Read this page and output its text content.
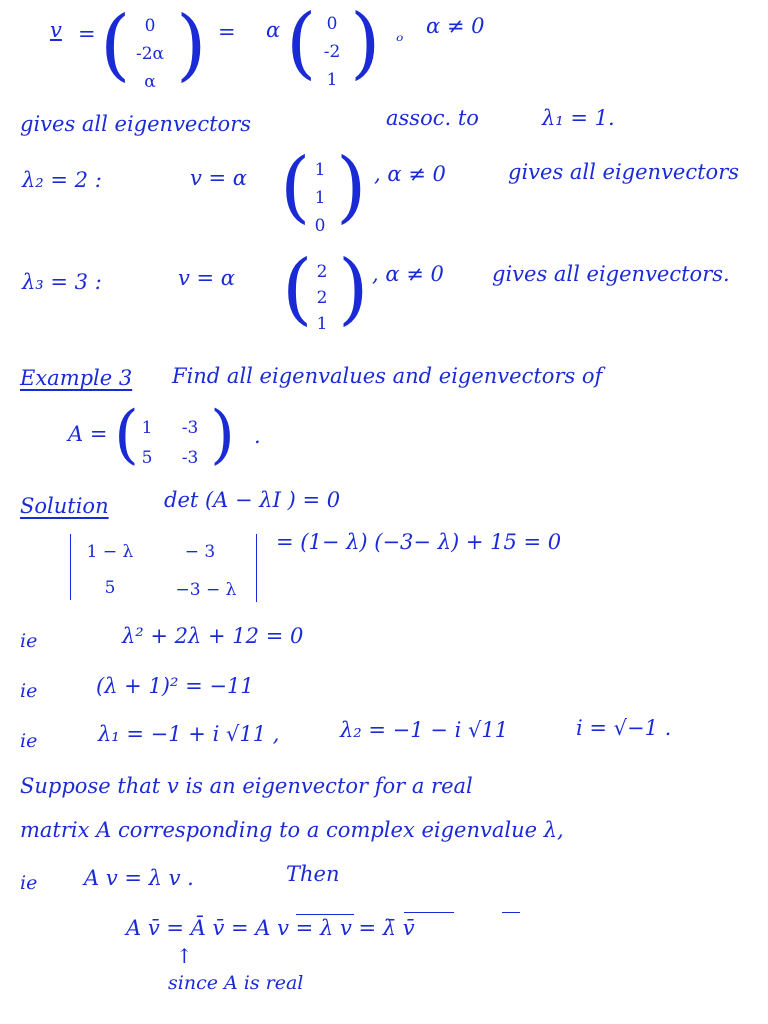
v = ( 0
-2α
α ) = α ( 0
-2
1 ) ₒ α ≠ 0
gives all eigenvectors	assoc. to	λ₁ = 1.
λ₂ = 2 :	v = α ( 1
1
0 ) , α ≠ 0	gives all eigenvectors
λ₃ = 3 :	v = α ( 2
2
1 ) , α ≠ 0 gives all eigenvectors.
Example 3 Find all eigenvalues and eigenvectors of
A = ( 1	-3
5	-3 ) .
Solution	det (A − λI ) = 0
1 − λ	− 3
5	−3 − λ
= (1− λ) (−3− λ) + 15 = 0
ie	λ² + 2λ + 12 = 0
ie	(λ + 1)² = −11
ie	λ₁ = −1 + i √11 ,	λ₂ = −1 − i √11	i = √−1 .
Suppose that v is an eigenvector for a real
matrix A corresponding to a complex eigenvalue λ,
ie A v = λ v .	Then
A v̄ = Ā v̄ = A v = λ v = λ̄ v̄
↑
since A is real
